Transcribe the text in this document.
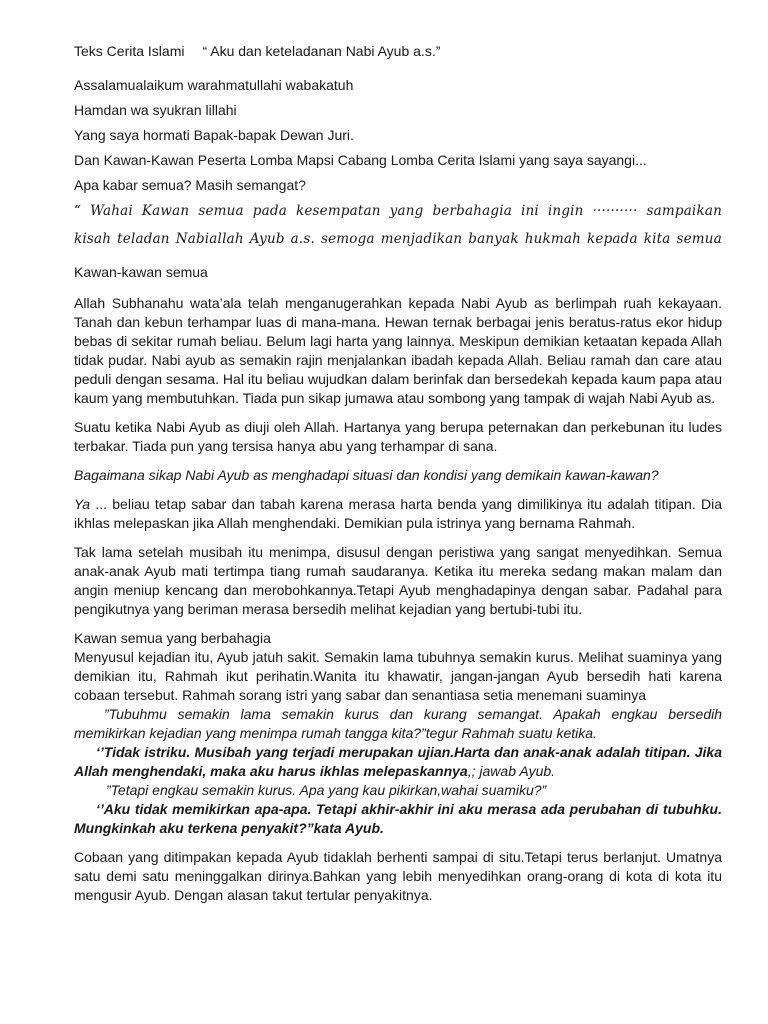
Teks Cerita Islami “ Aku dan keteladanan Nabi Ayub a.s.”

Assalamualaikum warahmatullahi wabakatuh

Hamdan wa syukran lillahi

Yang saya hormati Bapak-bapak Dewan Juri.

Dan Kawan-Kawan Peserta Lomba Mapsi Cabang Lomba Cerita Islami yang saya sayangi...

Apa kabar semua? Masih semangat?

“ Wahai Kawan semua pada kesempatan yang berbahagia ini ingin ·········· sampaikan

kisah teladan Nabiallah Ayub a.s. semoga menjadikan banyak hukmah kepada kita semua

Kawan-kawan semua

Allah Subhanahu wata’ala telah menganugerahkan kepada Nabi Ayub as berlimpah ruah kekayaan. Tanah dan kebun terhampar luas di mana-mana. Hewan ternak berbagai jenis beratus-ratus ekor hidup bebas di sekitar rumah beliau. Belum lagi harta yang lainnya. Meskipun demikian ketaatan kepada Allah tidak pudar. Nabi ayub as semakin rajin menjalankan ibadah kepada Allah. Beliau ramah dan care atau peduli dengan sesama. Hal itu beliau wujudkan dalam berinfak dan bersedekah kepada kaum papa atau kaum yang membutuhkan. Tiada pun sikap jumawa atau sombong yang tampak di wajah Nabi Ayub as.

Suatu ketika Nabi Ayub as diuji oleh Allah. Hartanya yang berupa peternakan dan perkebunan itu ludes terbakar. Tiada pun yang tersisa hanya abu yang terhampar di sana.

Bagaimana sikap Nabi Ayub as menghadapi situasi dan kondisi yang demikain kawan-kawan?

Ya ... beliau tetap sabar dan tabah karena merasa harta benda yang dimilikinya itu adalah titipan. Dia ikhlas melepaskan jika Allah menghendaki. Demikian pula istrinya yang bernama Rahmah.

Tak lama setelah musibah itu menimpa, disusul dengan peristiwa yang sangat menyedihkan. Semua anak-anak Ayub mati tertimpa tiang rumah saudaranya. Ketika itu mereka sedang makan malam dan angin meniup kencang dan merobohkannya.Tetapi Ayub menghadapinya dengan sabar. Padahal para pengikutnya yang beriman merasa bersedih melihat kejadian yang bertubi-tubi itu.

Kawan semua yang berbahagia

Menyusul kejadian itu, Ayub jatuh sakit. Semakin lama tubuhnya semakin kurus. Melihat suaminya yang demikian itu, Rahmah ikut perihatin.Wanita itu khawatir, jangan-jangan Ayub bersedih hati karena cobaan tersebut. Rahmah sorang istri yang sabar dan senantiasa setia menemani suaminya

”Tubuhmu semakin lama semakin kurus dan kurang semangat. Apakah engkau bersedih memikirkan kejadian yang menimpa rumah tangga kita?”tegur Rahmah suatu ketika.

‘’Tidak istriku. Musibah yang terjadi merupakan ujian.Harta dan anak-anak adalah titipan. Jika Allah menghendaki, maka aku harus ikhlas melepaskannya,; jawab Ayub.

”Tetapi engkau semakin kurus. Apa yang kau pikirkan,wahai suamiku?”

‘’Aku tidak memikirkan apa-apa. Tetapi akhir-akhir ini aku merasa ada perubahan di tubuhku. Mungkinkah aku terkena penyakit?”kata Ayub.

Cobaan yang ditimpakan kepada Ayub tidaklah berhenti sampai di situ.Tetapi terus berlanjut. Umatnya satu demi satu meninggalkan dirinya.Bahkan yang lebih menyedihkan orang-orang di kota di kota itu mengusir Ayub. Dengan alasan takut tertular penyakitnya.
